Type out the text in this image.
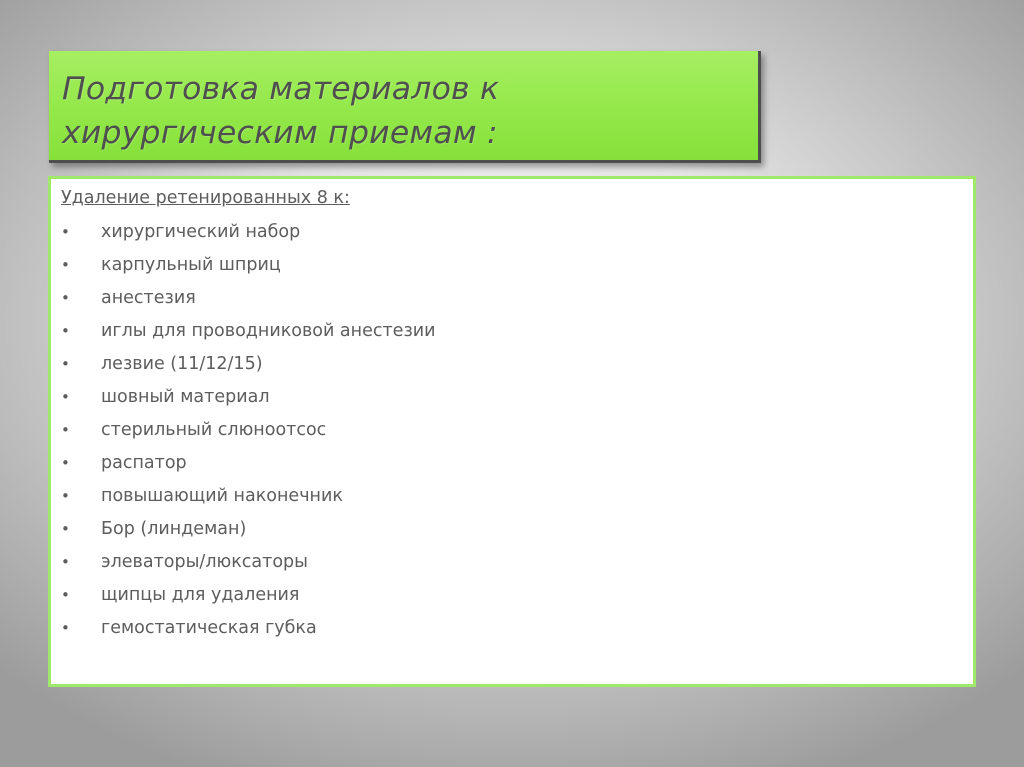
Подготовка материалов к хирургическим приемам :
Удаление ретенированных 8 к:
• хирургический набор
• карпульный шприц
• анестезия
• иглы для проводниковой анестезии
• лезвие (11/12/15)
• шовный материал
• стерильный слюноотсос
• распатор
• повышающий наконечник
• Бор (линдеман)
• элеваторы/люксаторы
• щипцы для удаления
• гемостатическая губка
